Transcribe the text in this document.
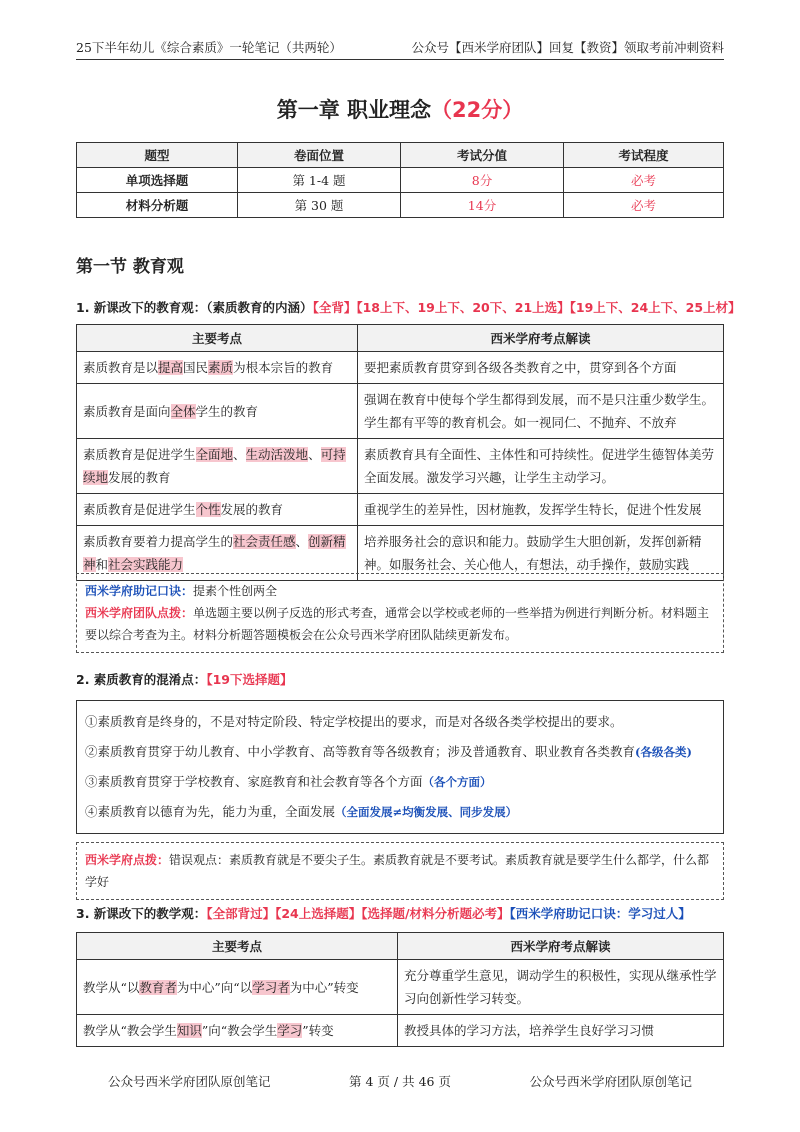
25下半年幼儿《综合素质》一轮笔记（共两轮）	公众号【西米学府团队】回复【教资】领取考前冲刺资料
第一章 职业理念（22分）
题型	卷面位置	考试分值	考试程度
单项选择题	第 1-4 题	8分	必考
材料分析题	第 30 题	14分	必考
第一节 教育观
1. 新课改下的教育观：（素质教育的内涵）【全背】【18上下、19上下、20下、21上选】【19上下、24上下、25上材】
主要考点	西米学府考点解读
素质教育是以提高国民素质为根本宗旨的教育	要把素质教育贯穿到各级各类教育之中，贯穿到各个方面
素质教育是面向全体学生的教育	强调在教育中使每个学生都得到发展，而不是只注重少数学生。学生都有平等的教育机会。如一视同仁、不抛弃、不放弃
素质教育是促进学生全面地、生动活泼地、可持续地发展的教育	素质教育具有全面性、主体性和可持续性。促进学生德智体美劳全面发展。激发学习兴趣，让学生主动学习。
素质教育是促进学生个性发展的教育	重视学生的差异性，因材施教，发挥学生特长，促进个性发展
素质教育要着力提高学生的社会责任感、创新精神和社会实践能力	培养服务社会的意识和能力。鼓励学生大胆创新，发挥创新精神。如服务社会、关心他人，有想法，动手操作，鼓励实践
西米学府助记口诀：提素个性创两全
西米学府团队点拨：单选题主要以例子反选的形式考查，通常会以学校或老师的一些举措为例进行判断分析。材料题主要以综合考查为主。材料分析题答题模板会在公众号西米学府团队陆续更新发布。
2. 素质教育的混淆点：【19下选择题】
①素质教育是终身的，不是对特定阶段、特定学校提出的要求，而是对各级各类学校提出的要求。
②素质教育贯穿于幼儿教育、中小学教育、高等教育等各级教育；涉及普通教育、职业教育各类教育(各级各类)
③素质教育贯穿于学校教育、家庭教育和社会教育等各个方面（各个方面）
④素质教育以德育为先，能力为重，全面发展（全面发展≠均衡发展、同步发展）
西米学府点拨：错误观点：素质教育就是不要尖子生。素质教育就是不要考试。素质教育就是要学生什么都学，什么都学好
3. 新课改下的教学观：【全部背过】【24上选择题】【选择题/材料分析题必考】【西米学府助记口诀：学习过人】
主要考点	西米学府考点解读
教学从“以教育者为中心”向“以学习者为中心”转变	充分尊重学生意见，调动学生的积极性，实现从继承性学习向创新性学习转变。
教学从“教会学生知识”向“教会学生学习”转变	教授具体的学习方法，培养学生良好学习习惯
公众号西米学府团队原创笔记	第 4 页 / 共 46 页	公众号西米学府团队原创笔记
